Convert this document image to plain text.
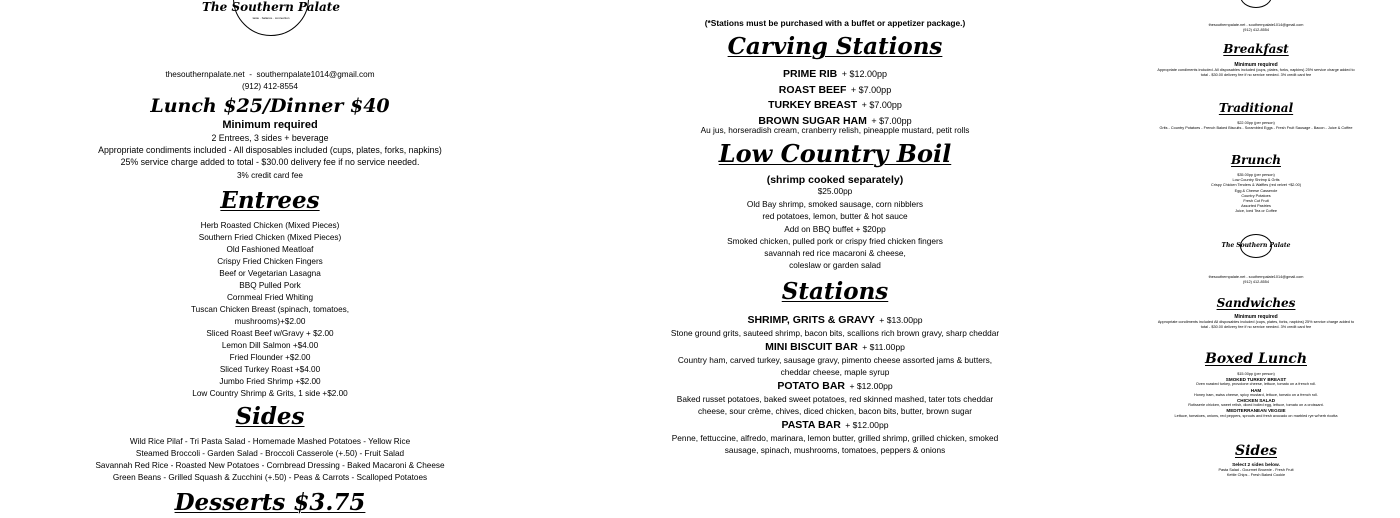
The Southern Palate
taste · balance · connection
thesouthernpalate.net  -  southernpalate1014@gmail.com
(912) 412-8554
Lunch $25/Dinner $40
Minimum required
2 Entrees, 3 sides + beverage
Appropriate condiments included - All disposables included (cups, plates, forks, napkins)
25% service charge added to total - $30.00 delivery fee if no service needed.
3% credit card fee
Entrees
Herb Roasted Chicken (Mixed Pieces)
Southern Fried Chicken (Mixed Pieces)
Old Fashioned Meatloaf
Crispy Fried Chicken Fingers
Beef or Vegetarian Lasagna
BBQ Pulled Pork
Cornmeal Fried Whiting
Tuscan Chicken Breast (spinach, tomatoes,
mushrooms)+$2.00
Sliced Roast Beef w/Gravy + $2.00
Lemon Dill Salmon +$4.00
Fried Flounder +$2.00
Sliced Turkey Roast +$4.00
Jumbo Fried Shrimp +$2.00
Low Country Shrimp & Grits, 1 side +$2.00
Sides
Wild Rice Pilaf - Tri Pasta Salad - Homemade Mashed Potatoes - Yellow Rice
Steamed Broccoli - Garden Salad - Broccoli Casserole (+.50) - Fruit Salad
Savannah Red Rice - Roasted New Potatoes - Cornbread Dressing - Baked Macaroni & Cheese
Green Beans - Grilled Squash & Zucchini (+.50) - Peas & Carrots - Scalloped Potatoes
Desserts $3.75
(*Stations must be purchased with a buffet or appetizer package.)
Carving Stations
PRIME RIB + $12.00pp
ROAST BEEF + $7.00pp
TURKEY BREAST + $7.00pp
BROWN SUGAR HAM + $7.00pp
Au jus, horseradish cream, cranberry relish, pineapple mustard, petit rolls
Low Country Boil
(shrimp cooked separately)
$25.00pp
Old Bay shrimp, smoked sausage, corn nibblers
red potatoes, lemon, butter & hot sauce
Add on BBQ buffet + $20pp
Smoked chicken, pulled pork or crispy fried chicken fingers
savannah red rice macaroni & cheese,
coleslaw or garden salad
Stations
SHRIMP, GRITS & GRAVY + $13.00pp
Stone ground grits, sauteed shrimp, bacon bits, scallions rich brown gravy, sharp cheddar
MINI BISCUIT BAR + $11.00pp
Country ham, carved turkey, sausage gravy, pimento cheese assorted jams & butters, cheddar cheese, maple syrup
POTATO BAR + $12.00pp
Baked russet potatoes, baked sweet potatoes, red skinned mashed, tater tots cheddar cheese, sour crème, chives, diced chicken, bacon bits, butter, brown sugar
PASTA BAR + $12.00pp
Penne, fettuccine, alfredo, marinara, lemon butter, grilled shrimp, grilled chicken, smoked sausage, spinach, mushrooms, tomatoes, peppers & onions
thesouthernpalate.net - southernpalate1014@gmail.com
(912) 412-8554
Breakfast
Minimum required
Appropriate condiments included. All disposables included (cups, plates, forks, napkins) 25% service charge added to total - $30.00 delivery fee if no service needed. 3% credit card fee
Traditional
$22.00pp (per person)
Grits - Country Potatoes - French Baked Biscuits - Scrambled Eggs - Fresh Fruit Sausage - Bacon - Juice & Coffee
Brunch
$35.00pp (per person)
Low Country Shrimp & Grits
Crispy Chicken Tenders & Waffles (red velvet +$2.00)
Egg & Cheese Casserole
Country Potatoes
Fresh Cut Fruit
Assorted Pastries
Juice, Iced Tea or Coffee
The Southern Palate
thesouthernpalate.net - southernpalate1014@gmail.com
(912) 412-8554
Sandwiches
Minimum required
Appropriate condiments included All disposables included (cups, plates, forks, napkins) 25% service charge added to total - $30.00 delivery fee if no service needed. 3% credit card fee
Boxed Lunch
$15.00pp (per person)
SMOKED TURKEY BREAST
Oven roasted turkey, provolone cheese, lettuce, tomato on a french roll.
HAM
Honey ham, swiss cheese, spicy mustard, lettuce, tomato on a french roll.
CHICKEN SALAD
Rotisserie chicken, sweet relish, diced boiled egg, lettuce, tomato on a croissant.
MEDITERRANEAN VEGGIE
Lettuce, tomatoes, onions, red peppers, sprouts and fresh avocado on marbled rye w/herb ricotta
Sides
Select 2 sides below.
Pasta Salad - Gourmet Brownie - Fresh Fruit
Kettle Chips - Fresh Baked Cookie
